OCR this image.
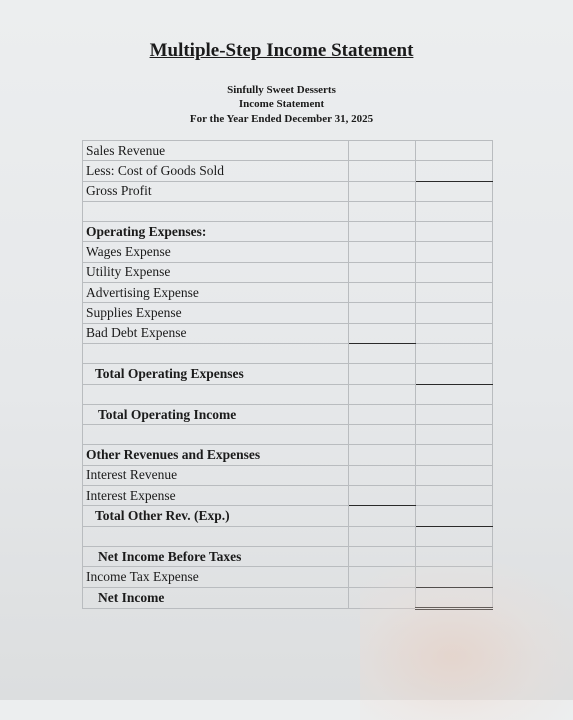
Multiple-Step Income Statement
Sinfully Sweet Desserts
Income Statement
For the Year Ended December 31, 2025
Sales Revenue		
Less: Cost of Goods Sold		
Gross Profit		

Operating Expenses:		
Wages Expense		
Utility Expense		
Advertising Expense		
Supplies Expense		
Bad Debt Expense		

Total Operating Expenses		

Total Operating Income		

Other Revenues and Expenses		
Interest Revenue		
Interest Expense		
Total Other Rev. (Exp.)		

Net Income Before Taxes		
Income Tax Expense		
Net Income		
